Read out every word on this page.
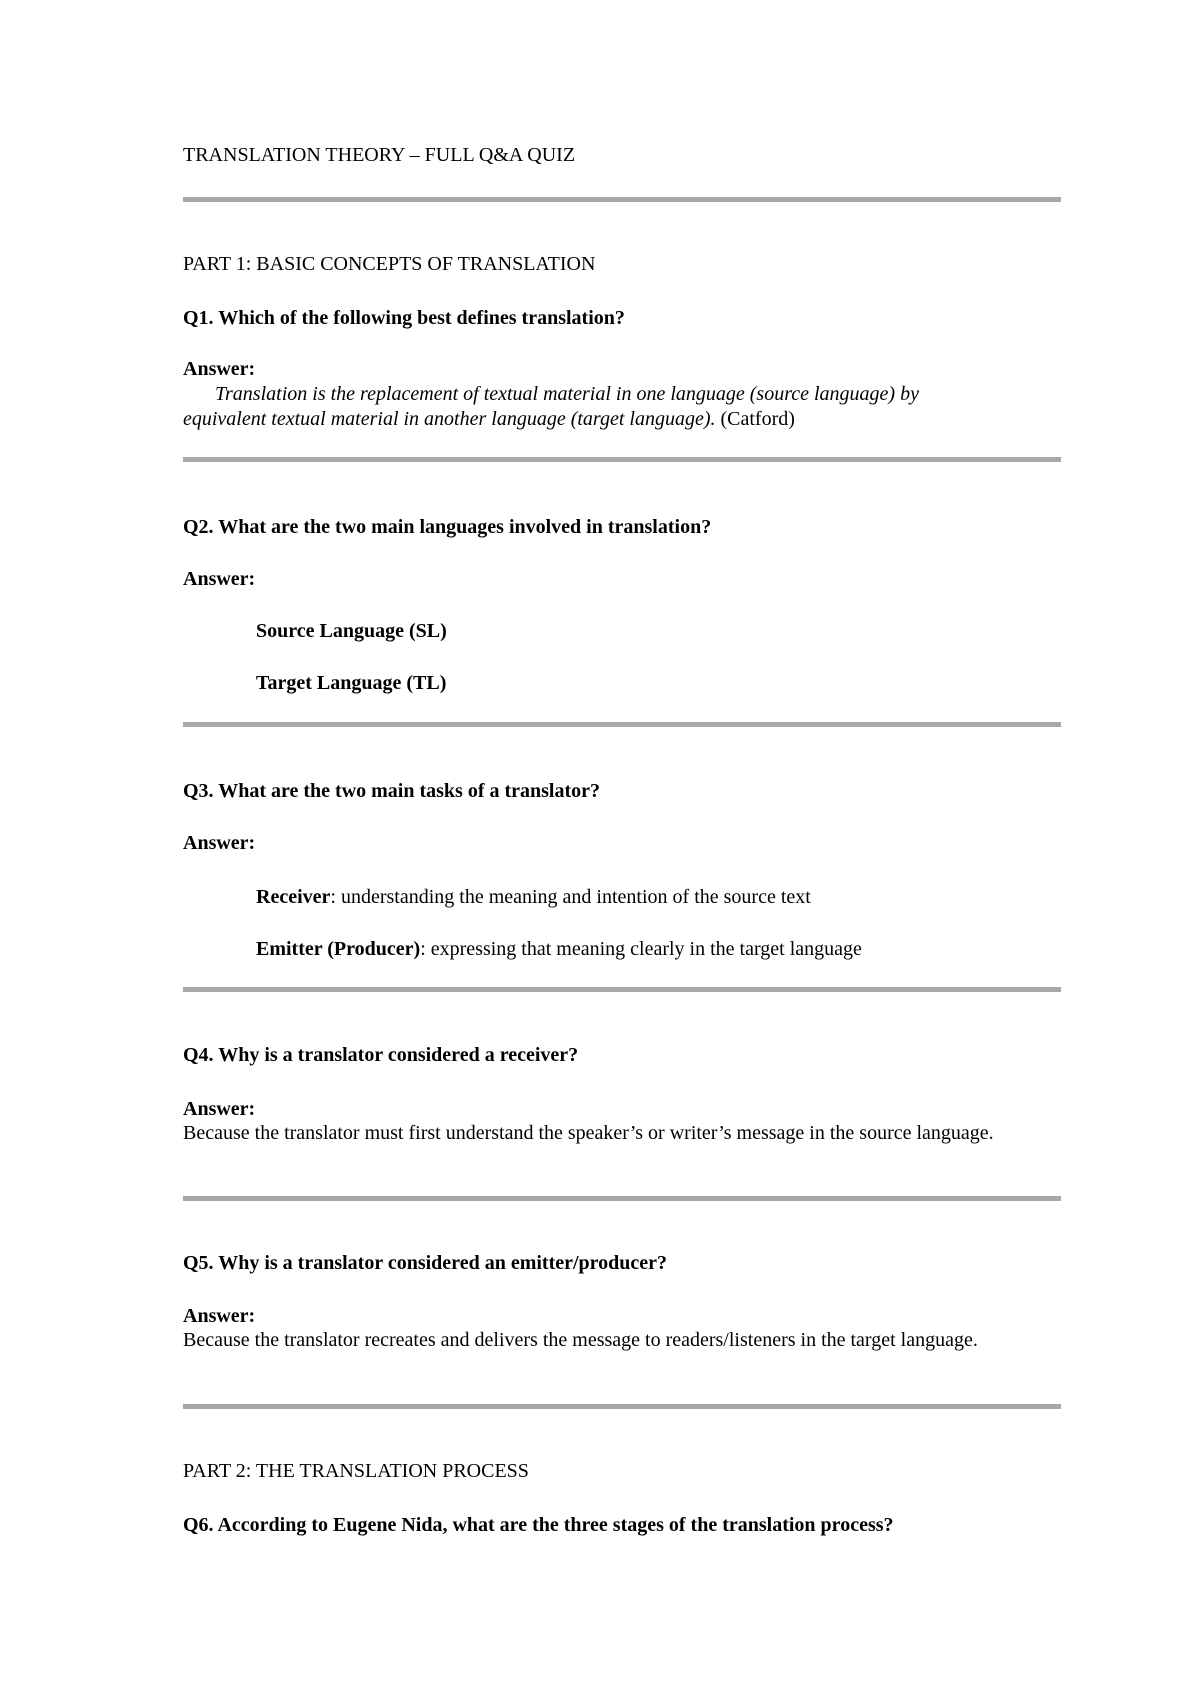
TRANSLATION THEORY – FULL Q&A QUIZ

PART 1: BASIC CONCEPTS OF TRANSLATION

Q1. Which of the following best defines translation?

Answer:

Translation is the replacement of textual material in one language (source language) by equivalent textual material in another language (target language). (Catford)

Q2. What are the two main languages involved in translation?

Answer:

Source Language (SL)

Target Language (TL)

Q3. What are the two main tasks of a translator?

Answer:

Receiver: understanding the meaning and intention of the source text

Emitter (Producer): expressing that meaning clearly in the target language

Q4. Why is a translator considered a receiver?

Answer:

Because the translator must first understand the speaker’s or writer’s message in the source language.

Q5. Why is a translator considered an emitter/producer?

Answer:

Because the translator recreates and delivers the message to readers/listeners in the target language.

PART 2: THE TRANSLATION PROCESS

Q6. According to Eugene Nida, what are the three stages of the translation process?
